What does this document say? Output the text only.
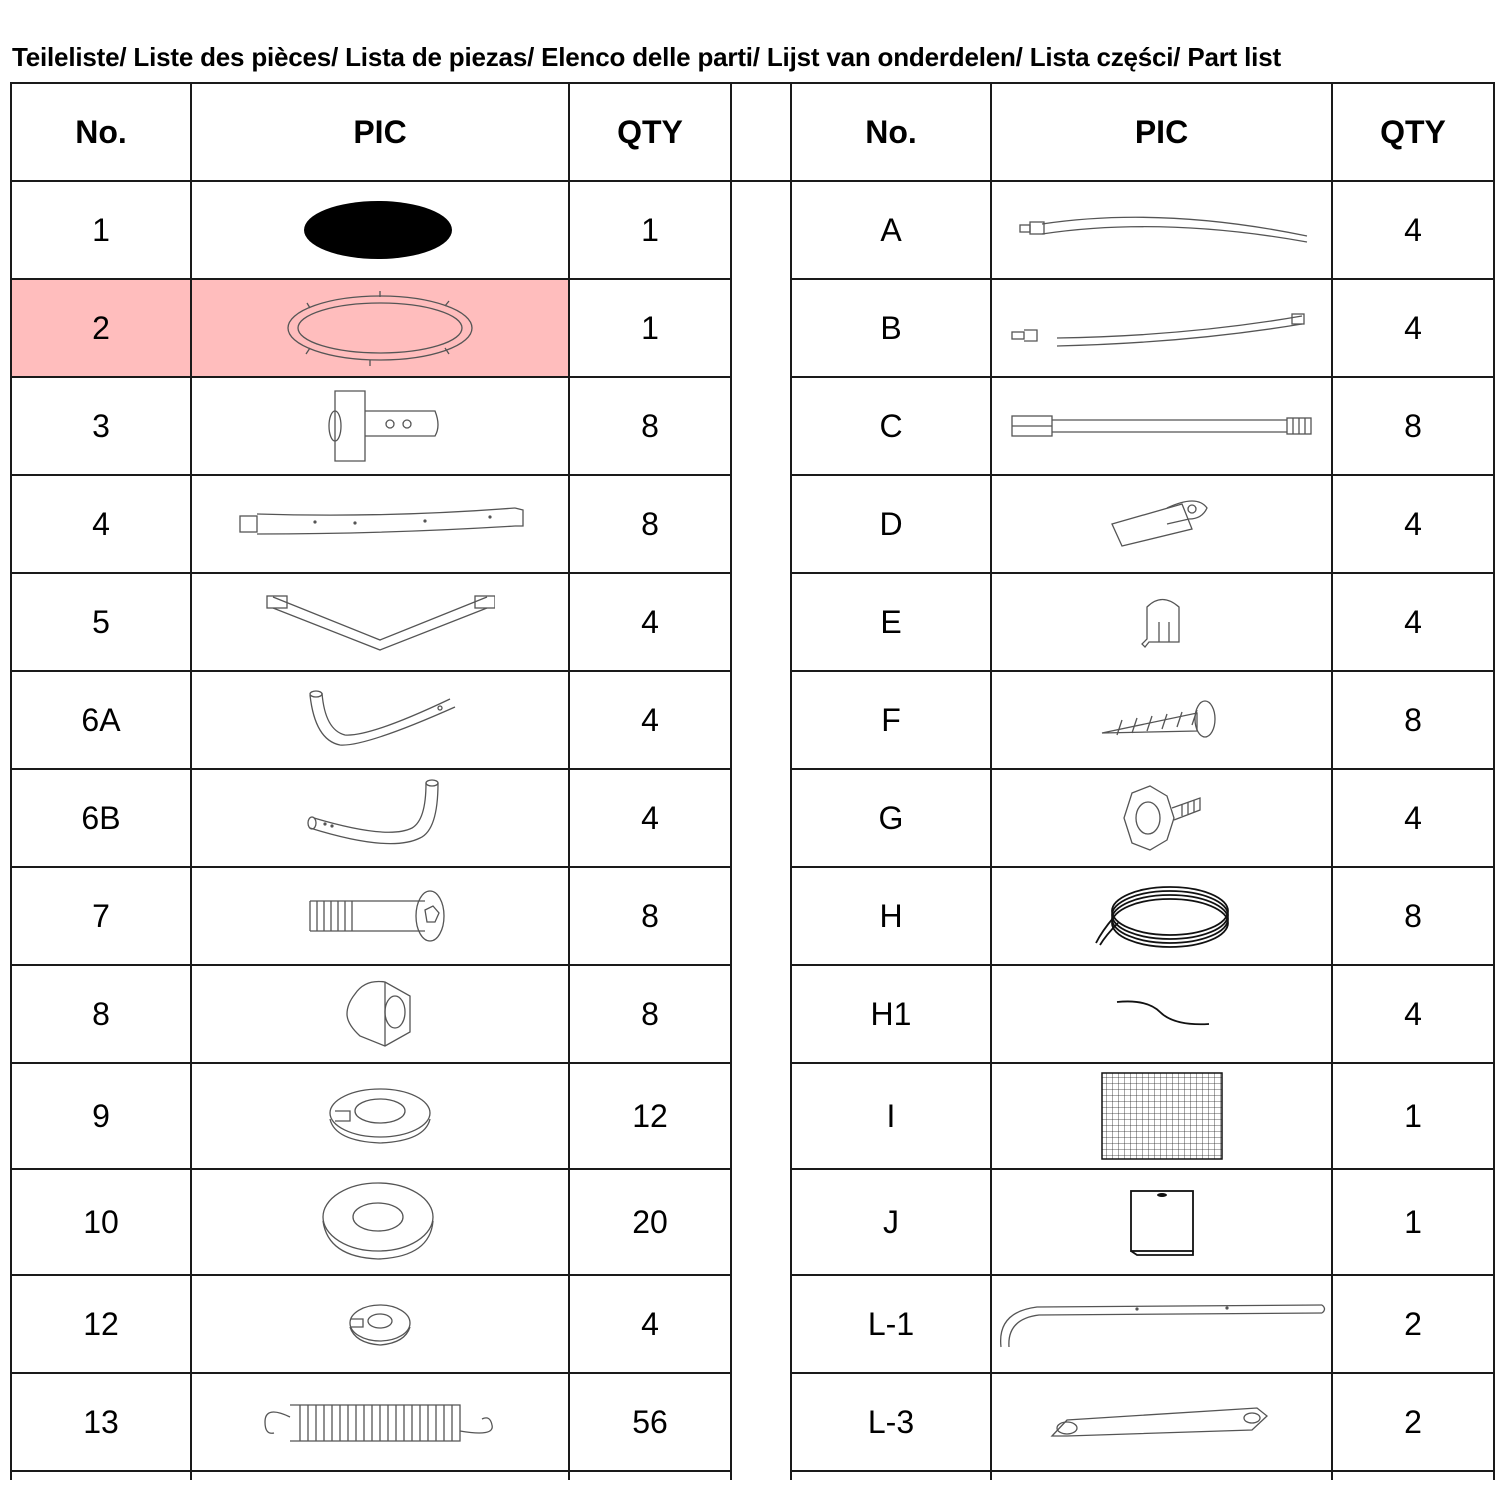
Teileliste/ Liste des pièces/ Lista de piezas/ Elenco delle parti/ Lijst van onderdelen/ Lista części/ Part list
No.	PIC	QTY		No.	PIC	QTY
1		1		A		4
2		1		B		4
3		8		C		8
4		8		D		4
5		4		E		4
6A		4		F		8
6B		4		G		4
7		8		H		8
8		8		H1		4
9		12		I		1
10		20		J		1
12		4		L-1		2
13		56		L-3		2
